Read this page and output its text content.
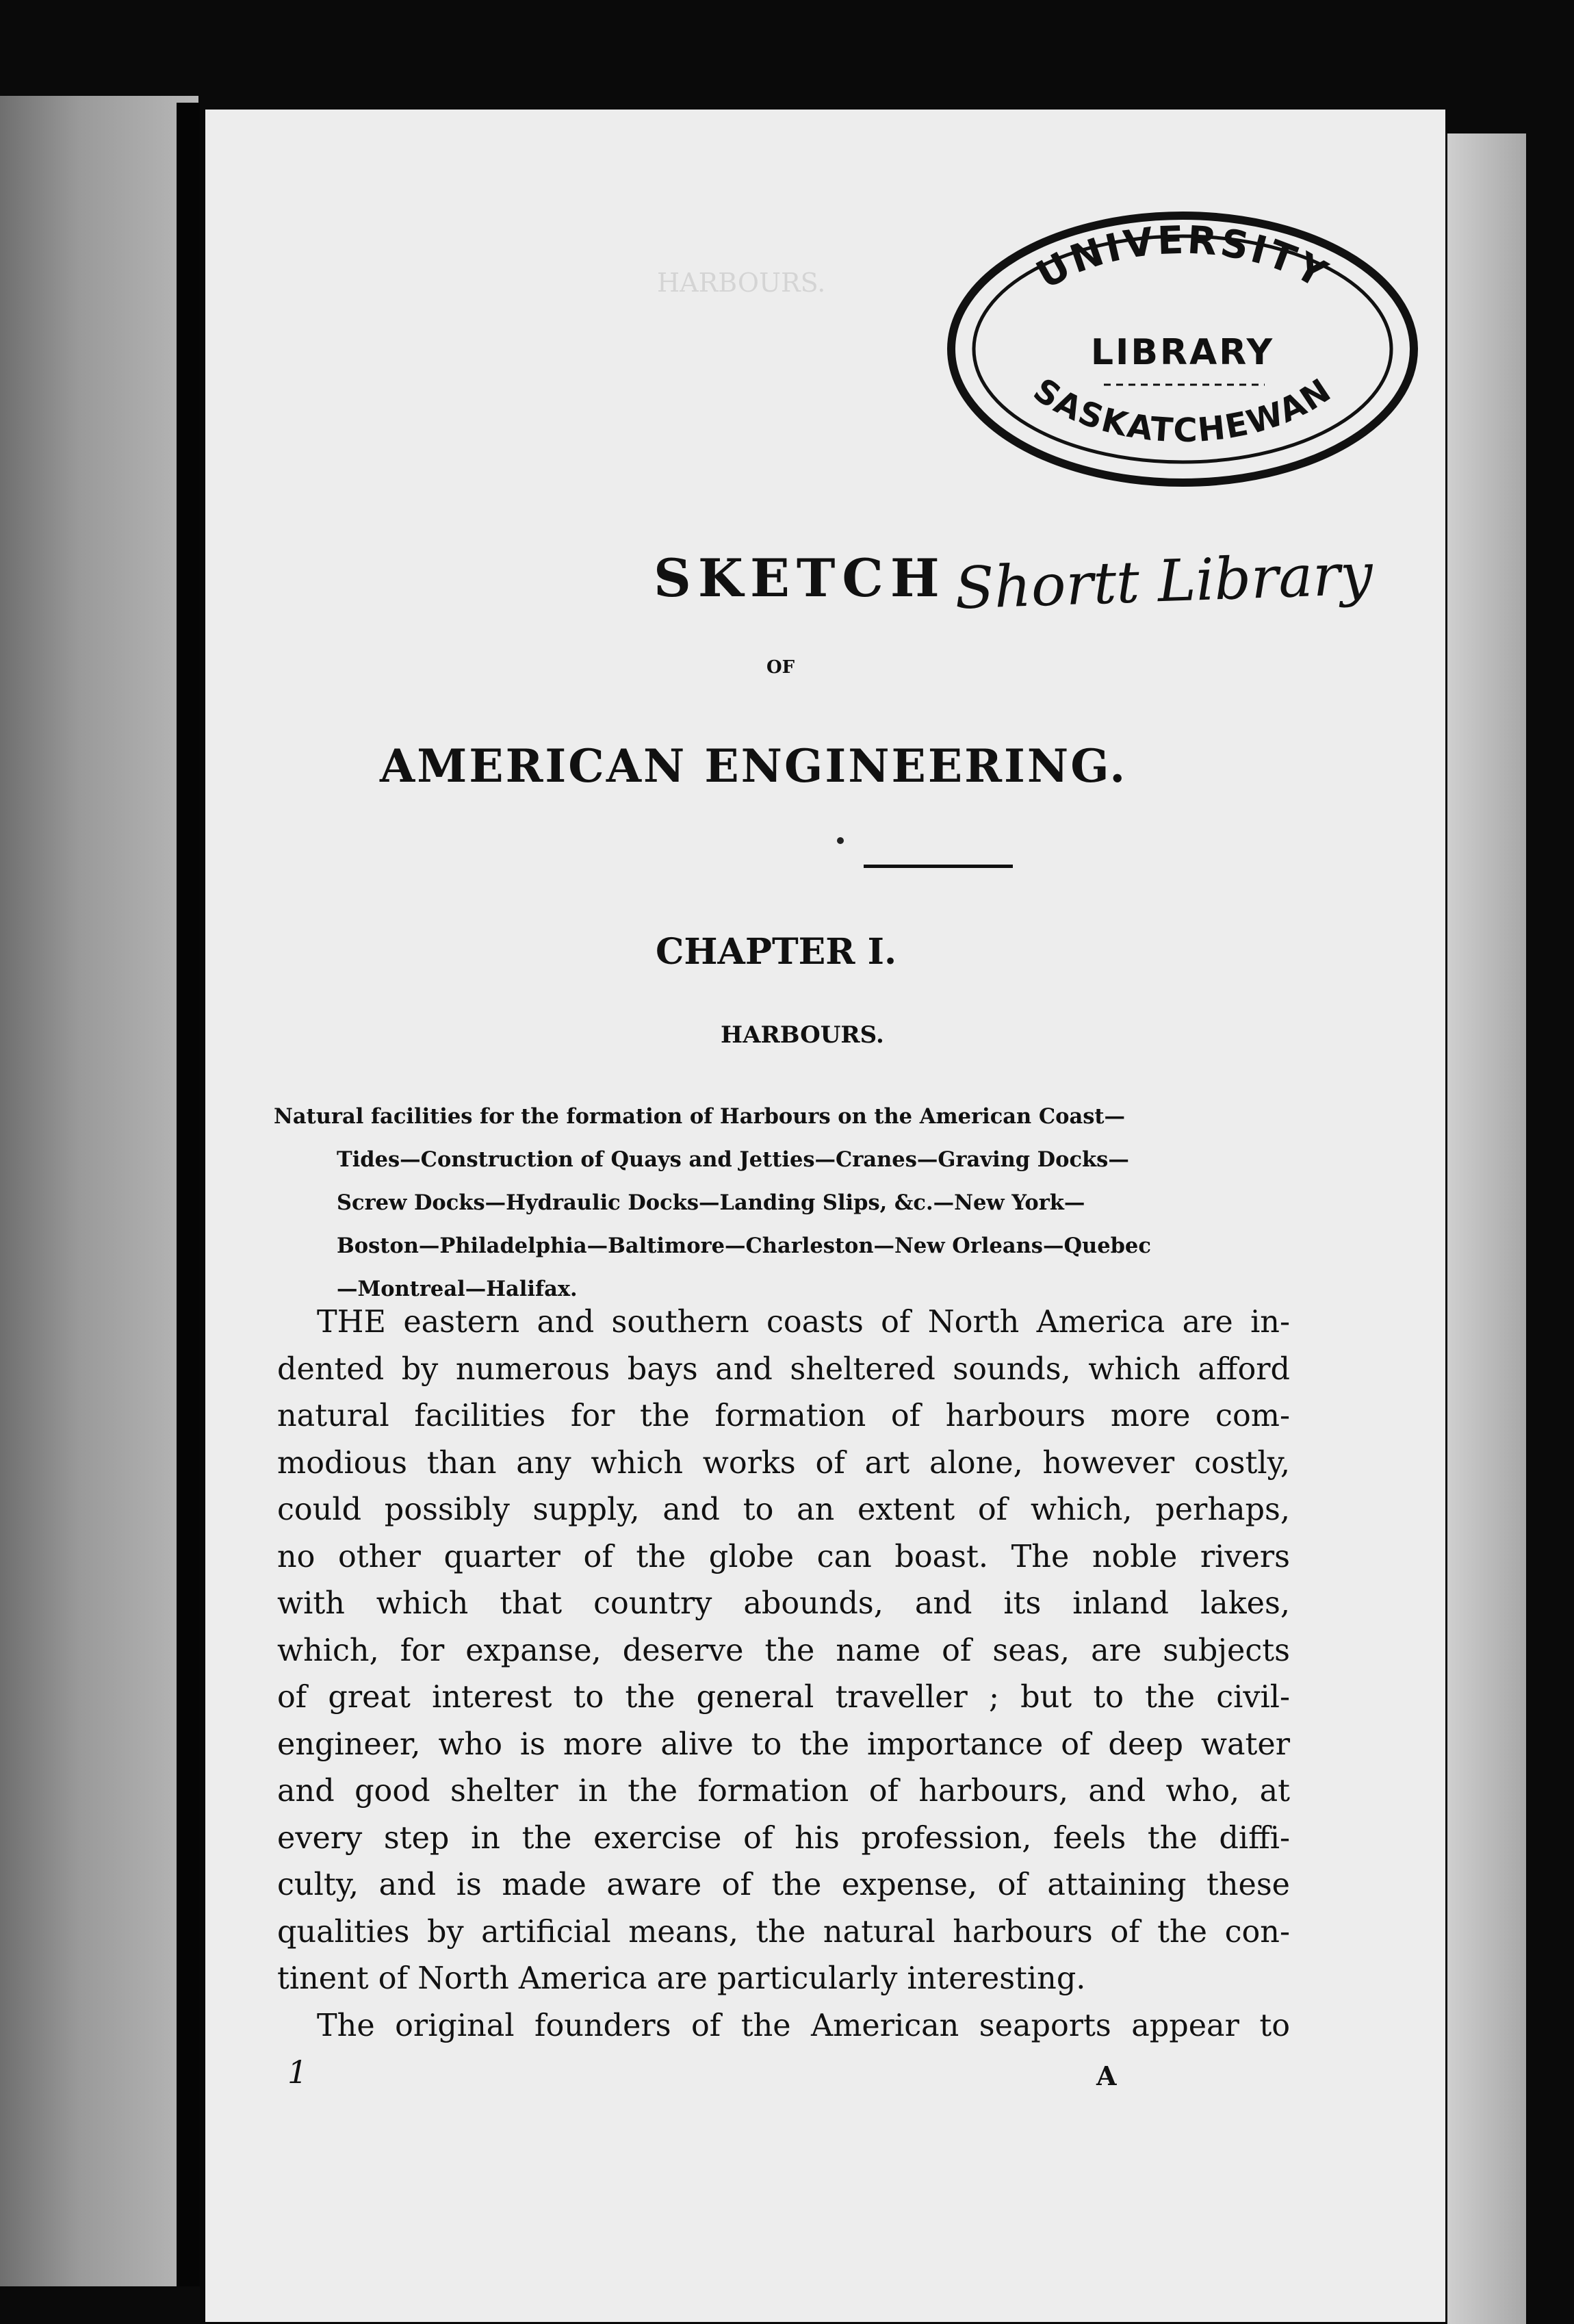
UNIVERSITY
LIBRARY
SASKATCHEWAN
Shortt Library
SKETCH
OF
AMERICAN ENGINEERING.
CHAPTER I.
HARBOURS.
Natural facilities for the formation of Harbours on the American Coast—
Tides—Construction of Quays and Jetties—Cranes—Graving Docks—
Screw Docks—Hydraulic Docks—Landing Slips, &c.—New York—
Boston—Philadelphia—Baltimore—Charleston—New Orleans—Quebec
—Montreal—Halifax.
THE eastern and southern coasts of North America are in-
dented by numerous bays and sheltered sounds, which afford
natural facilities for the formation of harbours more com-
modious than any which works of art alone, however costly,
could possibly supply, and to an extent of which, perhaps,
no other quarter of the globe can boast. The noble rivers
with which that country abounds, and its inland lakes,
which, for expanse, deserve the name of seas, are subjects
of great interest to the general traveller ; but to the civil-
engineer, who is more alive to the importance of deep water
and good shelter in the formation of harbours, and who, at
every step in the exercise of his profession, feels the diffi-
culty, and is made aware of the expense, of attaining these
qualities by artificial means, the natural harbours of the con-
tinent of North America are particularly interesting.
The original founders of the American seaports appear to
1	A
